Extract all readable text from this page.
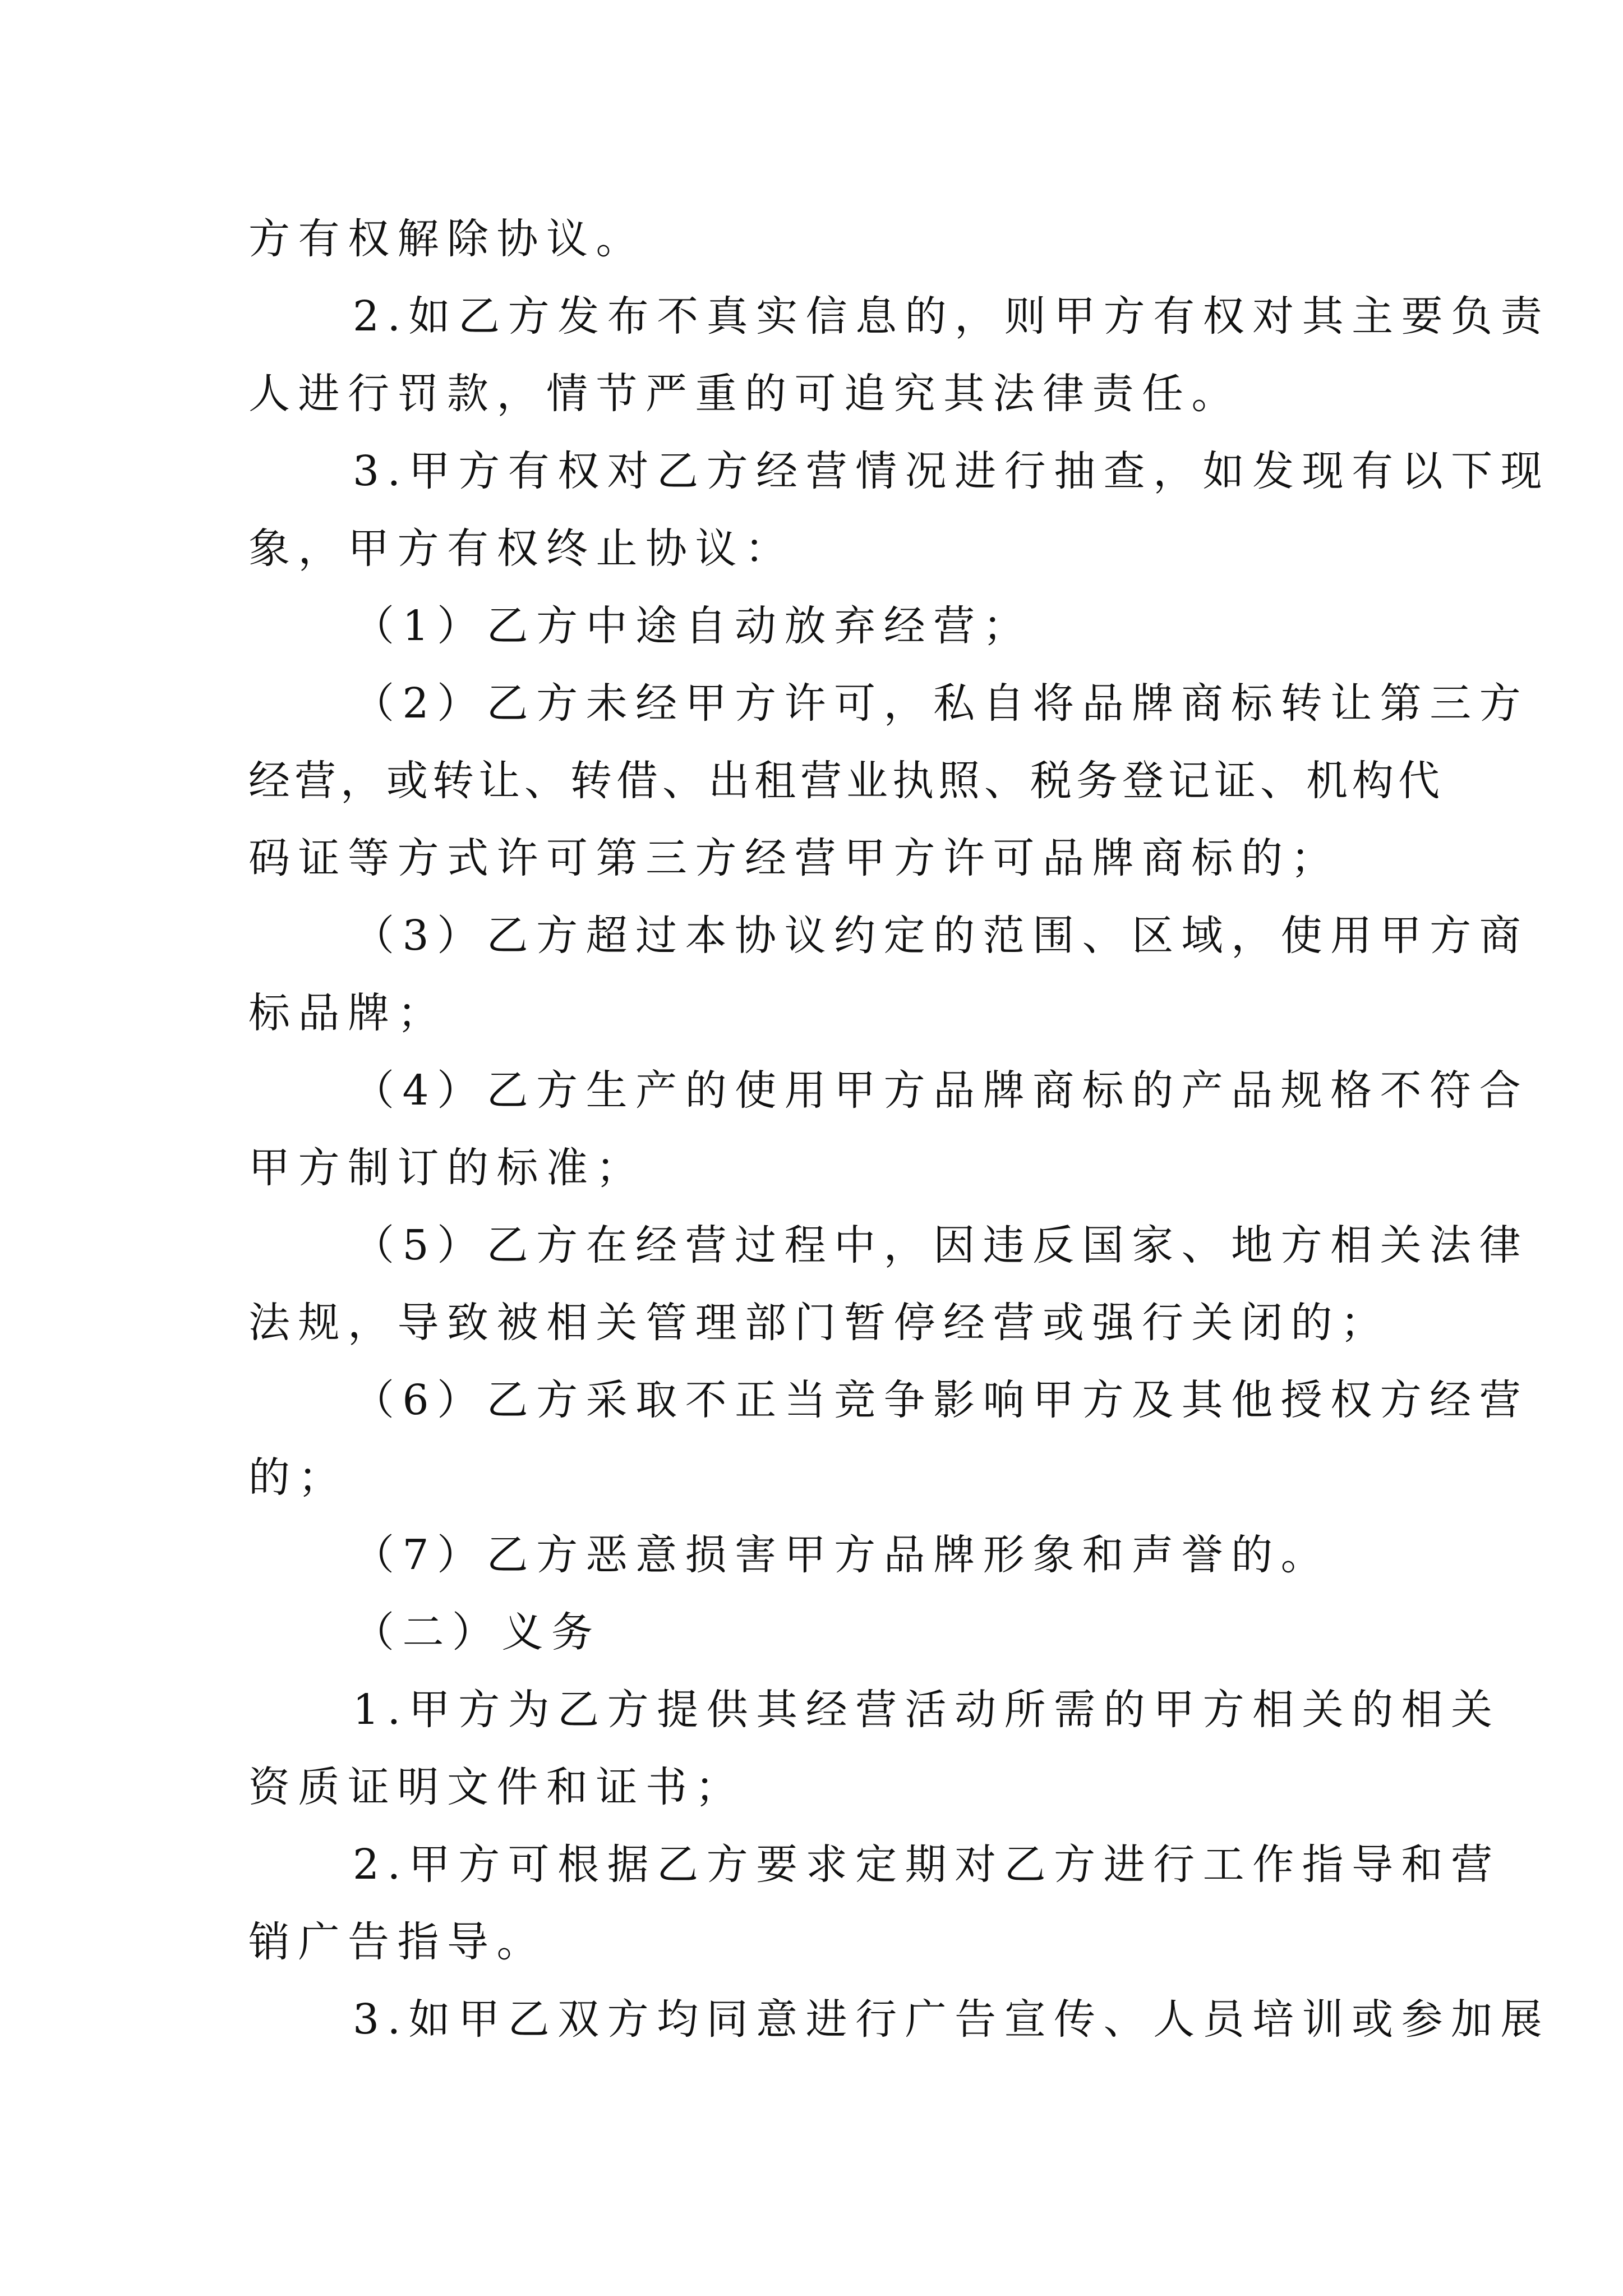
方有权解除协议。
2.如乙方发布不真实信息的，则甲方有权对其主要负责
人进行罚款，情节严重的可追究其法律责任。
3.甲方有权对乙方经营情况进行抽查，如发现有以下现
象，甲方有权终止协议：
（1）乙方中途自动放弃经营；
（2）乙方未经甲方许可，私自将品牌商标转让第三方
经营，或转让、转借、出租营业执照、税务登记证、机构代
码证等方式许可第三方经营甲方许可品牌商标的；
（3）乙方超过本协议约定的范围、区域，使用甲方商
标品牌；
（4）乙方生产的使用甲方品牌商标的产品规格不符合
甲方制订的标准；
（5）乙方在经营过程中，因违反国家、地方相关法律
法规，导致被相关管理部门暂停经营或强行关闭的；
（6）乙方采取不正当竞争影响甲方及其他授权方经营
的；
（7）乙方恶意损害甲方品牌形象和声誉的。
（二）义务
1.甲方为乙方提供其经营活动所需的甲方相关的相关
资质证明文件和证书；
2.甲方可根据乙方要求定期对乙方进行工作指导和营
销广告指导。
3.如甲乙双方均同意进行广告宣传、人员培训或参加展
